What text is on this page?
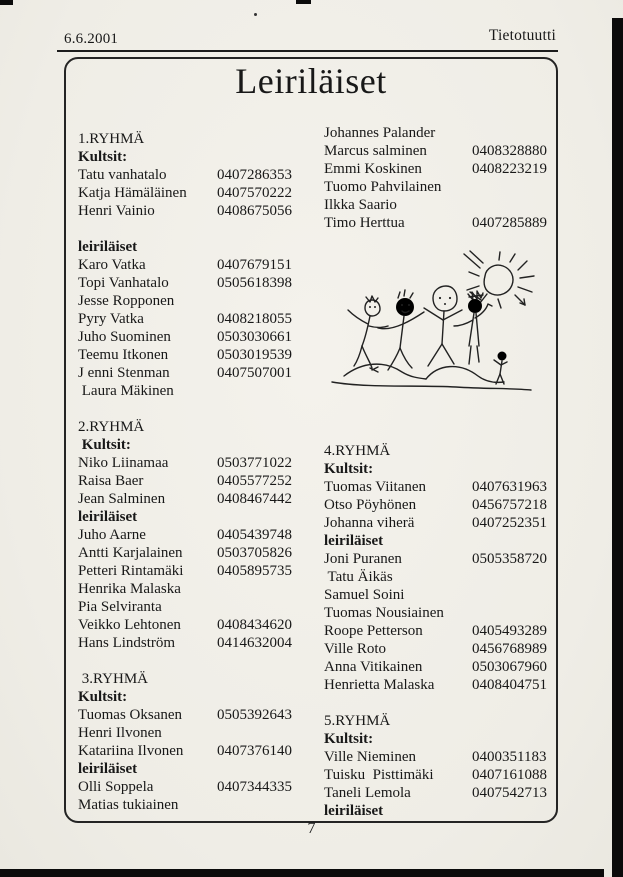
6.6.2001	Tietotuutti
Leiriläiset
1.RYHMÄ
Kultsit:
Tatu vanhatalo	0407286353
Katja Hämäläinen	0407570222
Henri Vainio	0408675056
leiriläiset
Karo Vatka	0407679151
Topi Vanhatalo	0505618398
Jesse Ropponen
Pyry Vatka	0408218055
Juho Suominen	0503030661
Teemu Itkonen	0503019539
J enni Stenman	0407507001
Laura Mäkinen
2.RYHMÄ
Kultsit:
Niko Liinamaa	0503771022
Raisa Baer	0405577252
Jean Salminen	0408467442
leiriläiset
Juho Aarne	0405439748
Antti Karjalainen	0503705826
Petteri Rintamäki	0405895735
Henrika Malaska
Pia Selviranta
Veikko Lehtonen	0408434620
Hans Lindström	0414632004
3.RYHMÄ
Kultsit:
Tuomas Oksanen	0505392643
Henri Ilvonen
Katariina Ilvonen	0407376140
leiriläiset
Olli Soppela	0407344335
Matias tukiainen
Johannes Palander
Marcus salminen	0408328880
Emmi Koskinen	0408223219
Tuomo Pahvilainen
Ilkka Saario
Timo Herttua	0407285889
4.RYHMÄ
Kultsit:
Tuomas Viitanen	0407631963
Otso Pöyhönen	0456757218
Johanna viherä	0407252351
leiriläiset
Joni Puranen	0505358720
Tatu Äikäs
Samuel Soini
Tuomas Nousiainen
Roope Petterson	0405493289
Ville Roto	0456768989
Anna Vitikainen	0503067960
Henrietta Malaska	0408404751
5.RYHMÄ
Kultsit:
Ville Nieminen	0400351183
Tuisku  Pisttimäki	0407161088
Taneli Lemola	0407542713
leiriläiset
7
